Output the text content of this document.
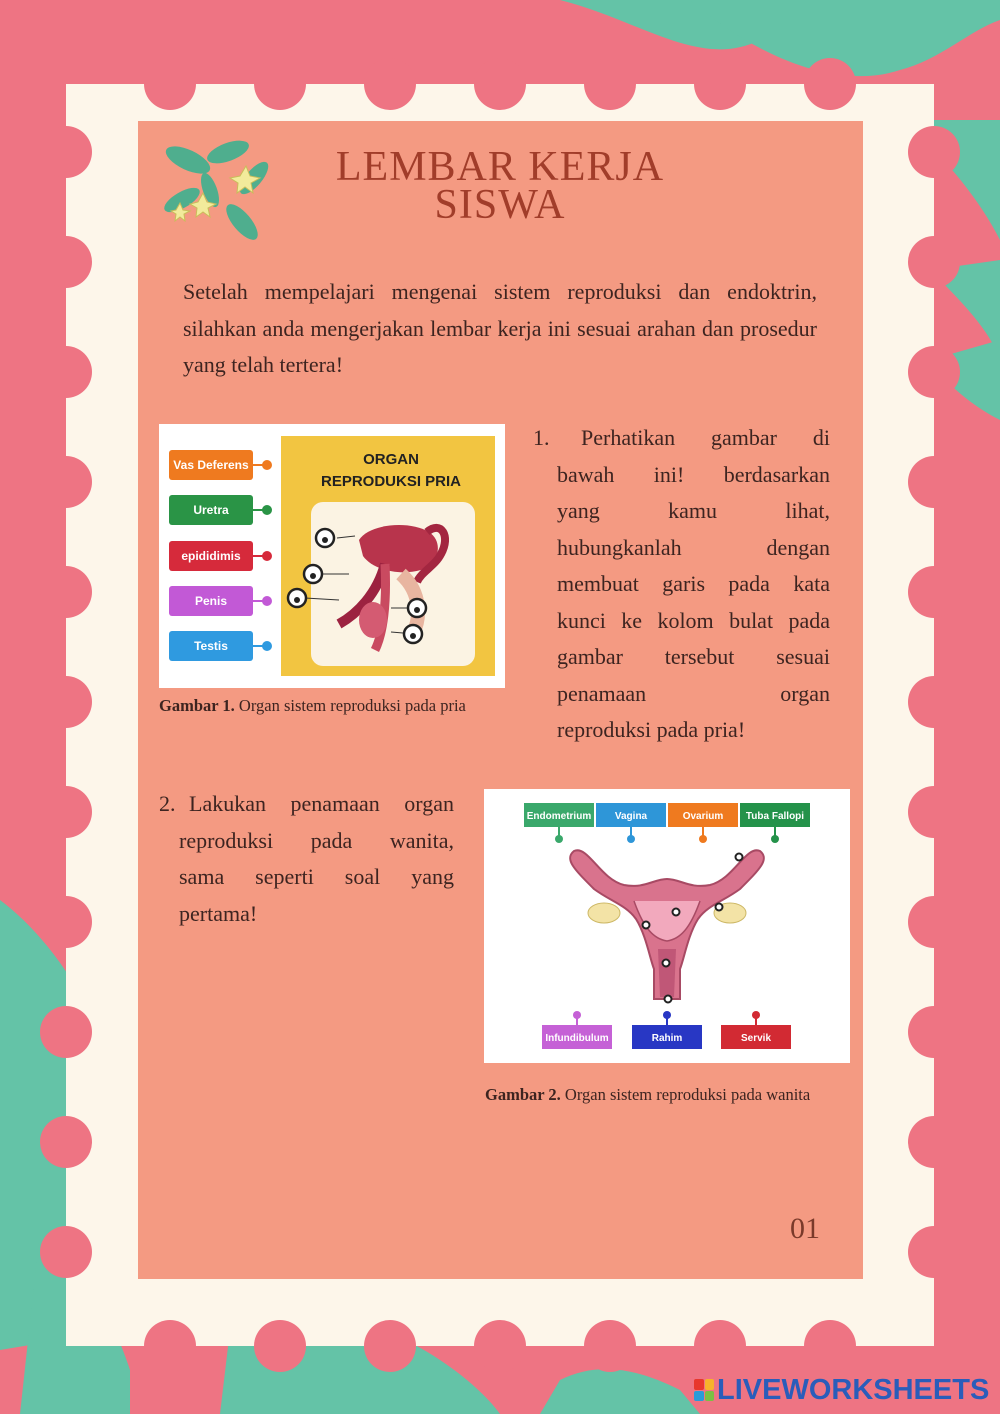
LEMBAR KERJA
SISWA
Setelah mempelajari mengenai sistem reproduksi dan endoktrin, silahkan anda mengerjakan lembar kerja ini sesuai arahan dan prosedur yang telah tertera!
ORGAN
REPRODUKSI PRIA
Vas Deferens
Uretra
epididimis
Penis
Testis
Gambar 1. Organ sistem reproduksi pada pria
1.	Perhatikan gambar di
bawah ini! berdasarkan
yang kamu lihat,
hubungkanlah dengan
membuat garis pada kata
kunci ke kolom bulat pada
gambar tersebut sesuai
penamaan organ
reproduksi pada pria!
2. Lakukan penamaan organ
reproduksi pada wanita,
sama seperti soal yang
pertama!
Endometrium Vagina	Ovarium Tuba Fallopi
Infundibulum	Rahim	Servik
Gambar 2. Organ sistem reproduksi pada wanita
01
LIVEWORKSHEETS
